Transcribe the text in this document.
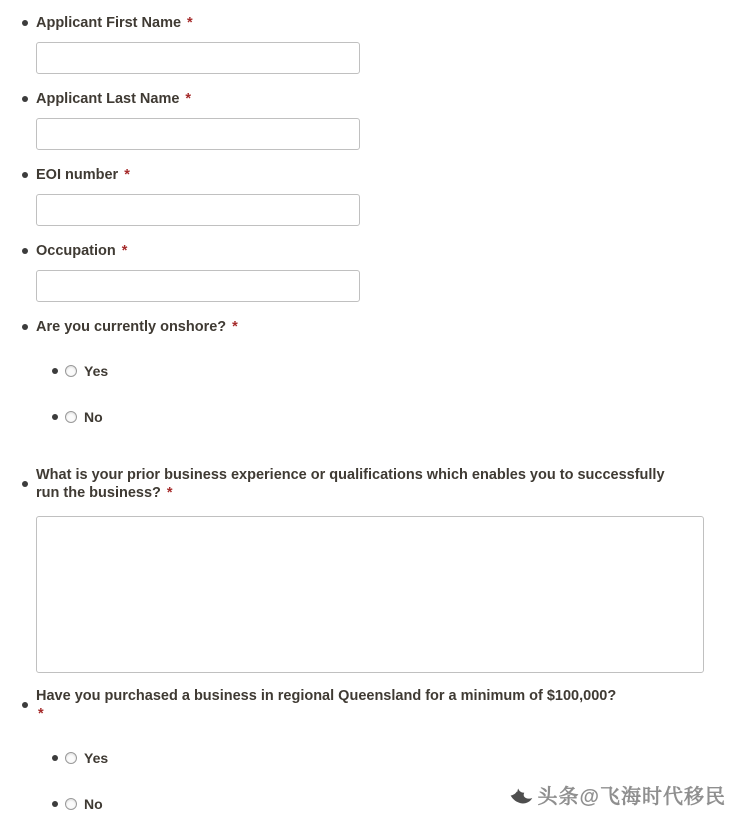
Applicant First Name *
Applicant Last Name *
EOI number *
Occupation *
Are you currently onshore? *
Yes
No
What is your prior business experience or qualifications which enables you to successfully run the business? *
Have you purchased a business in regional Queensland for a minimum of $100,000?
*
Yes
No	头条@飞海时代移民
